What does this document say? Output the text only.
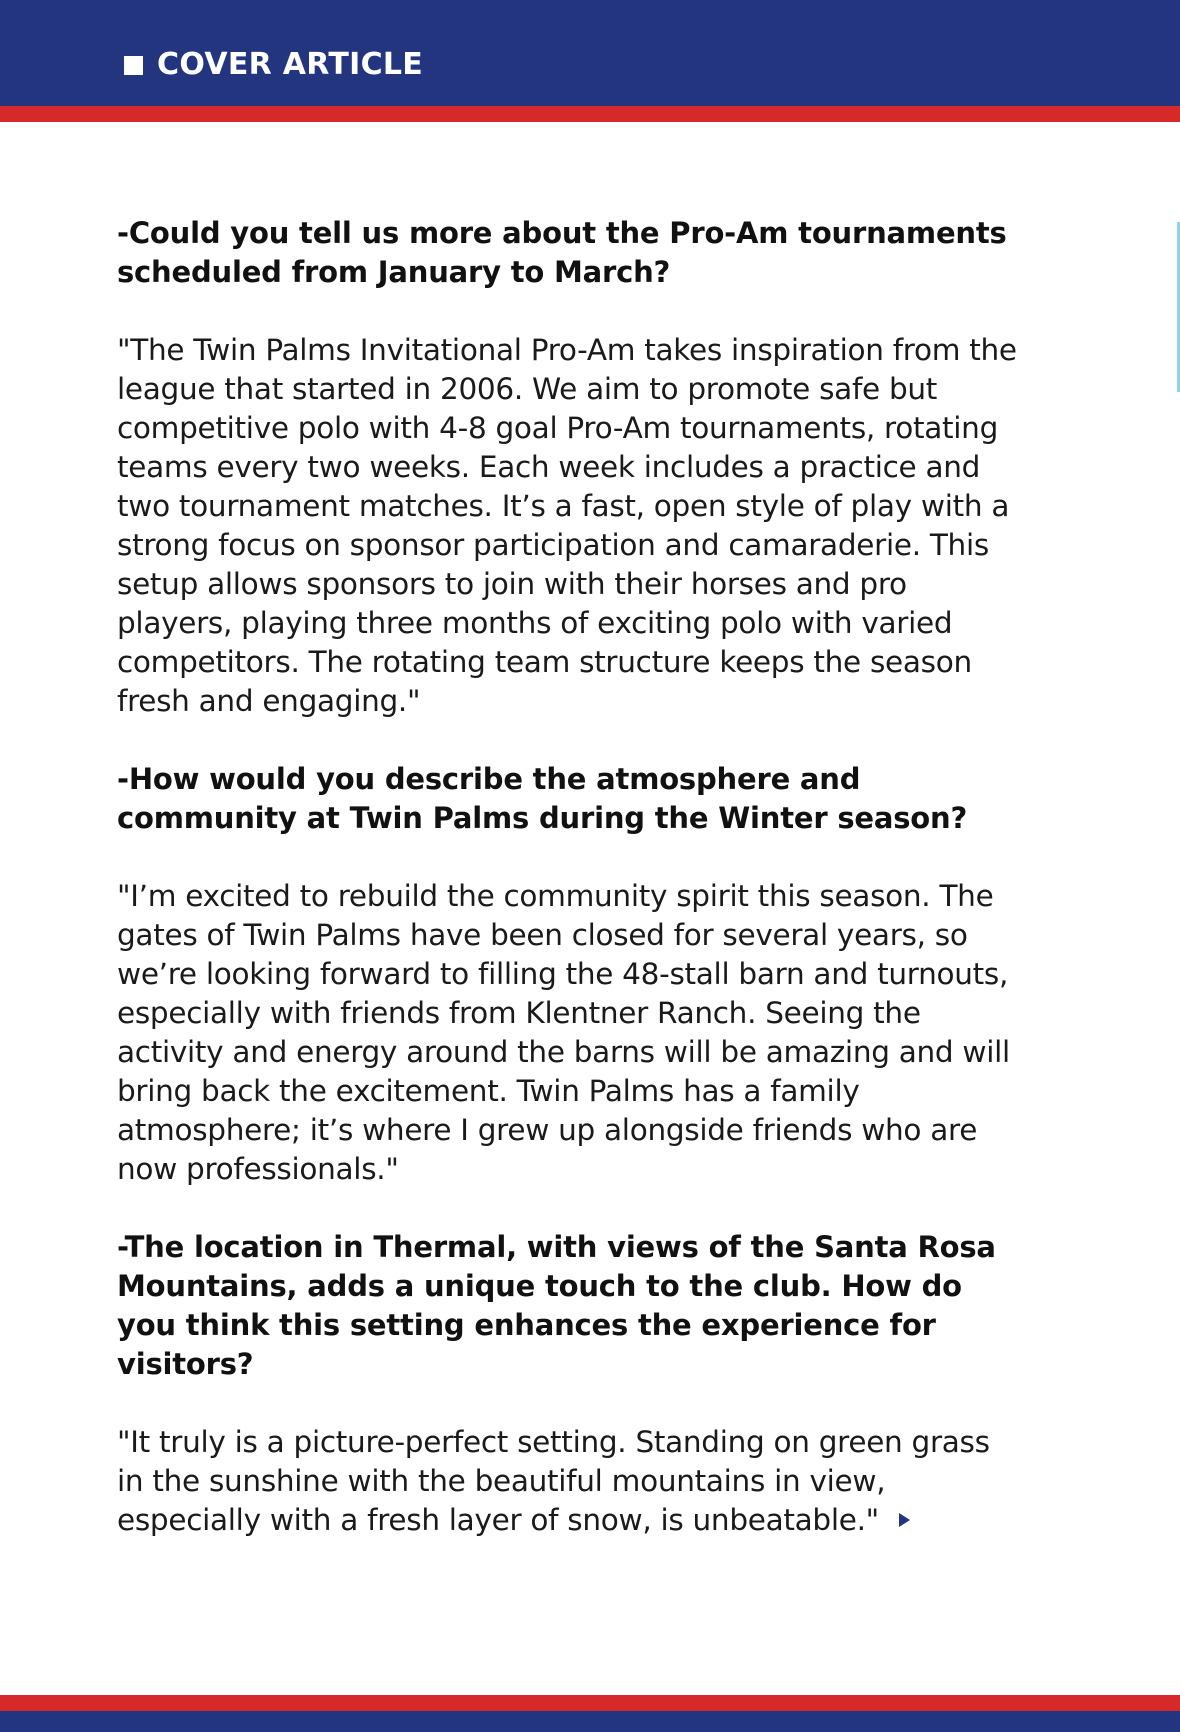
COVER ARTICLE

-Could you tell us more about the Pro-Am tournaments scheduled from January to March?

"The Twin Palms Invitational Pro-Am takes inspiration from the league that started in 2006. We aim to promote safe but competitive polo with 4-8 goal Pro-Am tournaments, rotating teams every two weeks. Each week includes a practice and two tournament matches. It’s a fast, open style of play with a strong focus on sponsor participation and camaraderie. This setup allows sponsors to join with their horses and pro players, playing three months of exciting polo with varied competitors. The rotating team structure keeps the season fresh and engaging."

-How would you describe the atmosphere and community at Twin Palms during the Winter season?

"I’m excited to rebuild the community spirit this season. The gates of Twin Palms have been closed for several years, so we’re looking forward to filling the 48-stall barn and turnouts, especially with friends from Klentner Ranch. Seeing the activity and energy around the barns will be amazing and will bring back the excitement. Twin Palms has a family atmosphere; it’s where I grew up alongside friends who are now professionals."

-The location in Thermal, with views of the Santa Rosa Mountains, adds a unique touch to the club. How do you think this setting enhances the experience for visitors?

"It truly is a picture-perfect setting. Standing on green grass in the sunshine with the beautiful mountains in view, especially with a fresh layer of snow, is unbeatable."
